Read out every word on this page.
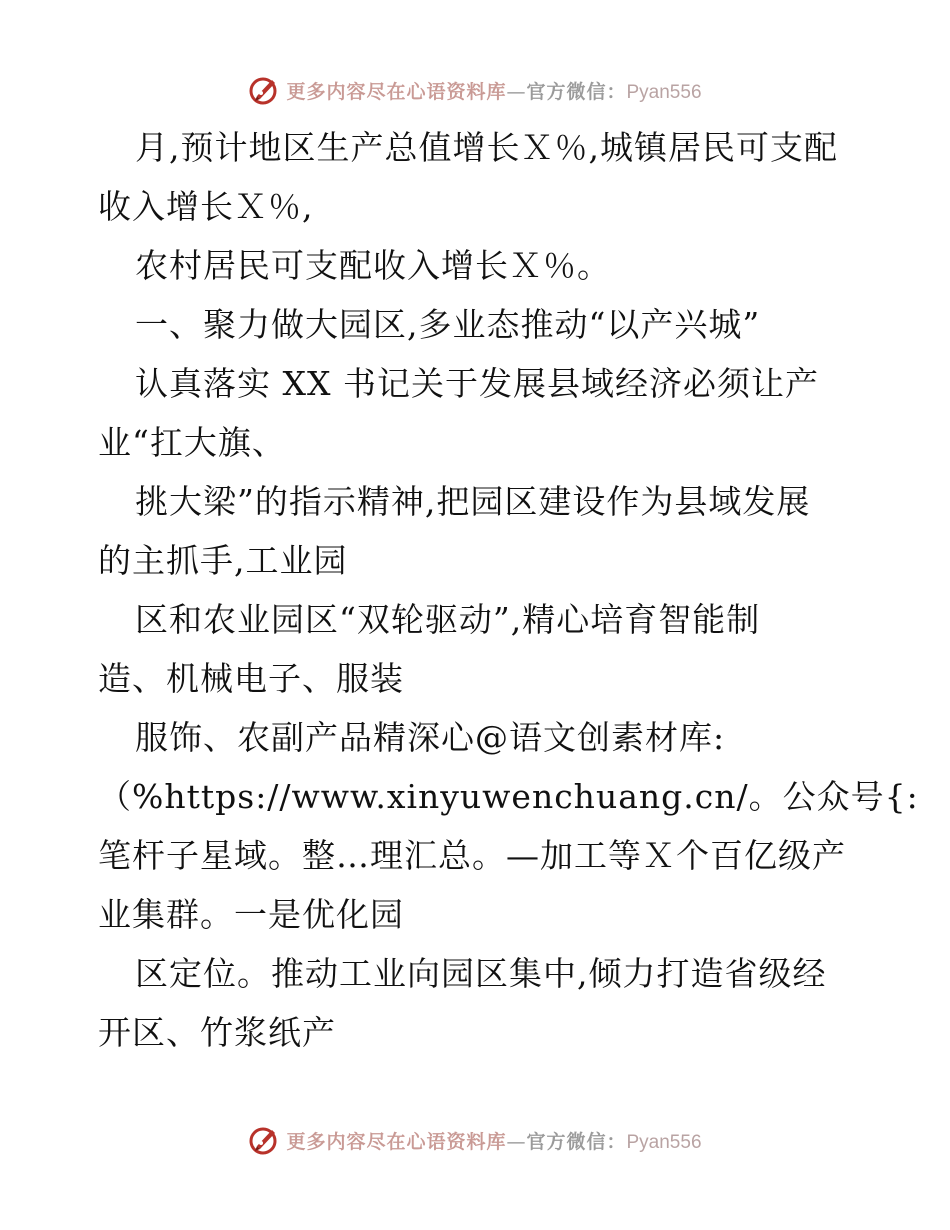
更多内容尽在心语资料库—官方微信：Pyan556
月,预计地区生产总值增长Ｘ％,城镇居民可支配
收入增长Ｘ％,
农村居民可支配收入增长Ｘ％。
一、聚力做大园区,多业态推动“以产兴城”
认真落实 XX 书记关于发展县域经济必须让产
业“扛大旗、
挑大梁”的指示精神,把园区建设作为县域发展
的主抓手,工业园
区和农业园区“双轮驱动”,精心培育智能制
造、机械电子、服装
服饰、农副产品精深心@语文创素材库:
（%https://www.xinyuwenchuang.cn/。公众号{:
笔杆子星域。整…理汇总。—加工等Ｘ个百亿级产
业集群。一是优化园
区定位。推动工业向园区集中,倾力打造省级经
开区、竹浆纸产
更多内容尽在心语资料库—官方微信：Pyan556
